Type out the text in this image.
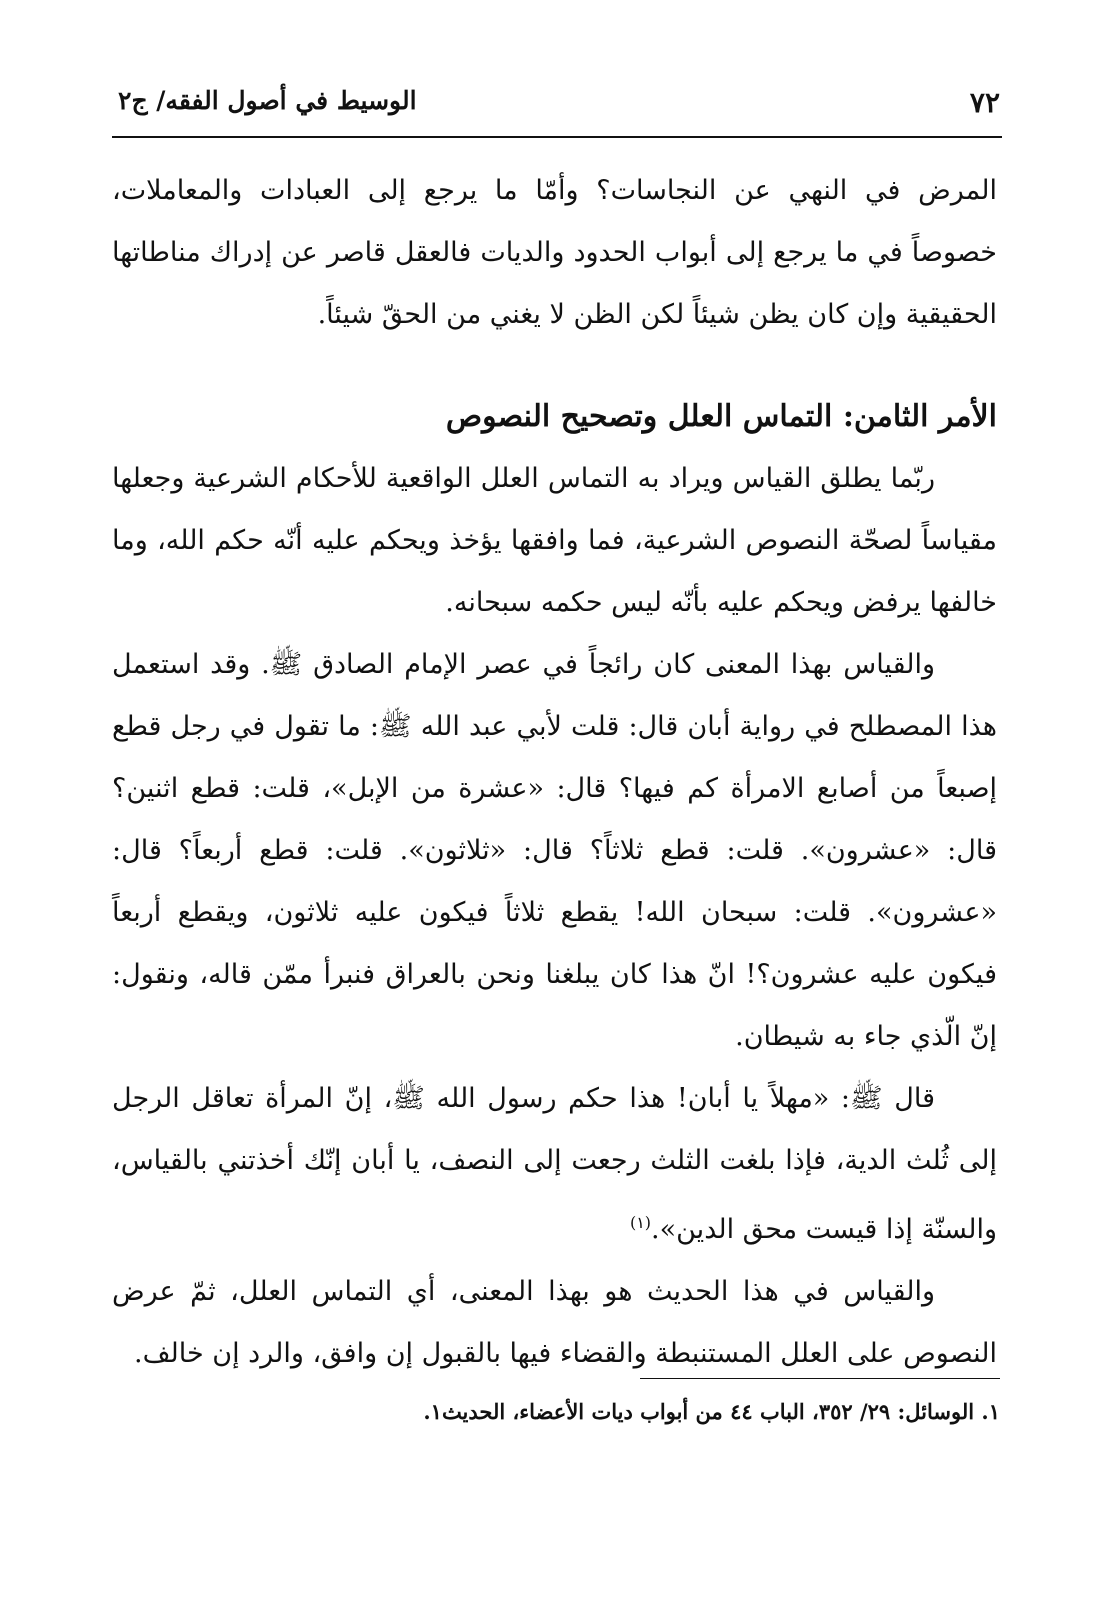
٧٢
الوسيط في أصول الفقه/ ج٢

المرض في النهي عن النجاسات؟ وأمّا ما يرجع إلى العبادات والمعاملات، خصوصاً في ما يرجع إلى أبواب الحدود والديات فالعقل قاصر عن إدراك مناطاتها الحقيقية وإن كان يظن شيئاً لكن الظن لا يغني من الحقّ شيئاً.

الأمر الثامن: التماس العلل وتصحيح النصوص

ربّما يطلق القياس ويراد به التماس العلل الواقعية للأحكام الشرعية وجعلها مقياساً لصحّة النصوص الشرعية، فما وافقها يؤخذ ويحكم عليه أنّه حكم الله، وما خالفها يرفض ويحكم عليه بأنّه ليس حكمه سبحانه.

والقياس بهذا المعنى كان رائجاً في عصر الإمام الصادق ﷺ. وقد استعمل هذا المصطلح في رواية أبان قال: قلت لأبي عبد الله ﷺ: ما تقول في رجل قطع إصبعاً من أصابع الامرأة كم فيها؟ قال: «عشرة من الإبل»، قلت: قطع اثنين؟ قال: «عشرون». قلت: قطع ثلاثاً؟ قال: «ثلاثون». قلت: قطع أربعاً؟ قال: «عشرون». قلت: سبحان الله! يقطع ثلاثاً فيكون عليه ثلاثون، ويقطع أربعاً فيكون عليه عشرون؟! انّ هذا كان يبلغنا ونحن بالعراق فنبرأ ممّن قاله، ونقول: إنّ الّذي جاء به شيطان.

قال ﷺ: «مهلاً يا أبان! هذا حكم رسول الله ﷺ، إنّ المرأة تعاقل الرجل إلى ثُلث الدية، فإذا بلغت الثلث رجعت إلى النصف، يا أبان إنّك أخذتني بالقياس، والسنّة إذا قيست محق الدين».$^{(١)}$

والقياس في هذا الحديث هو بهذا المعنى، أي التماس العلل، ثمّ عرض النصوص على العلل المستنبطة والقضاء فيها بالقبول إن وافق، والرد إن خالف.

١. الوسائل: ٢٩/ ٣٥٢، الباب ٤٤ من أبواب ديات الأعضاء، الحديث١.
